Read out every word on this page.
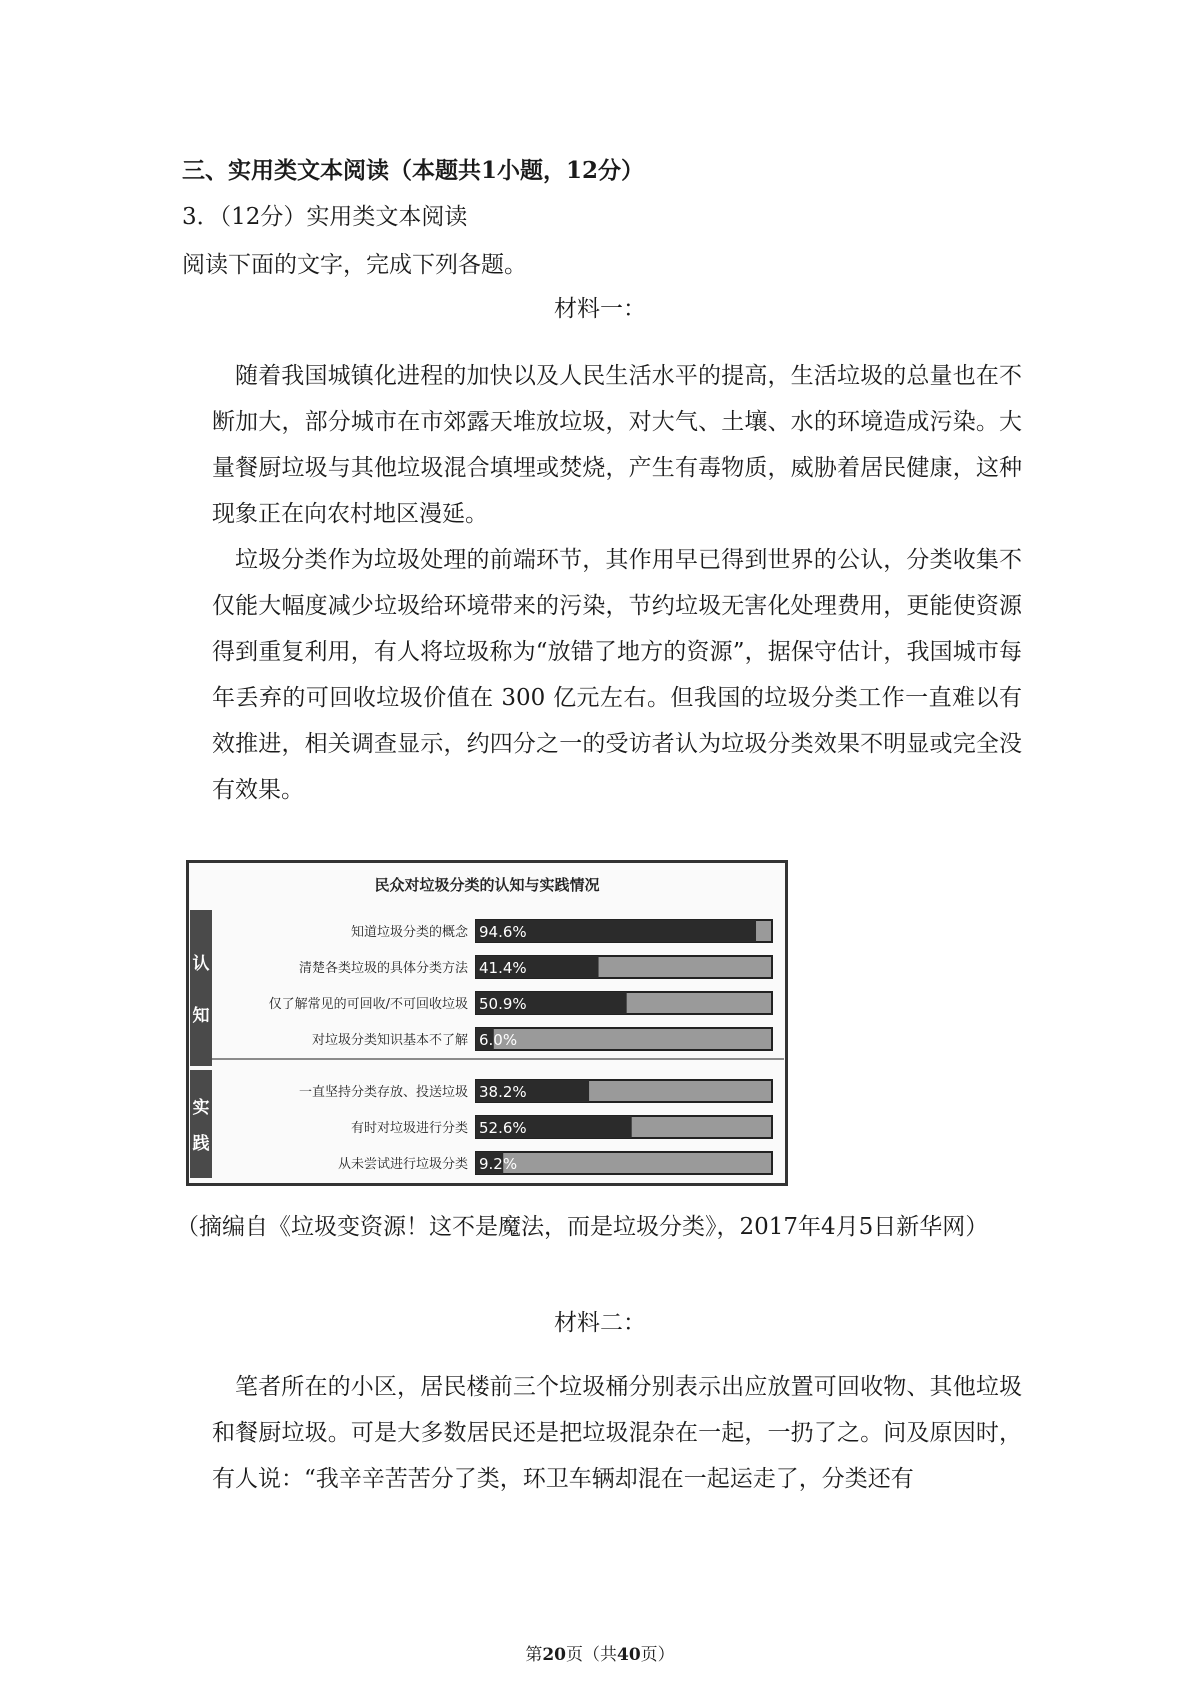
三、实用类文本阅读（本题共1小题，12分）
3．（12分）实用类文本阅读
阅读下面的文字，完成下列各题。
材料一：

随着我国城镇化进程的加快以及人民生活水平的提高，生活垃圾的总量也在不断加大，部分城市在市郊露天堆放垃圾，对大气、土壤、水的环境造成污染。大量餐厨垃圾与其他垃圾混合填埋或焚烧，产生有毒物质，威胁着居民健康，这种现象正在向农村地区漫延。

垃圾分类作为垃圾处理的前端环节，其作用早已得到世界的公认，分类收集不仅能大幅度减少垃圾给环境带来的污染，节约垃圾无害化处理费用，更能使资源得到重复利用，有人将垃圾称为“放错了地方的资源”，据保守估计，我国城市每年丢弃的可回收垃圾价值在 300 亿元左右。但我国的垃圾分类工作一直难以有效推进，相关调查显示，约四分之一的受访者认为垃圾分类效果不明显或完全没有效果。

民众对垃圾分类的认知与实践情况
认
知
知道垃圾分类的概念 94.6%
清楚各类垃圾的具体分类方法 41.4%
仅了解常见的可回收/不可回收垃圾 50.9%
对垃圾分类知识基本不了解 6.0%
实
践
一直坚持分类存放、投送垃圾 38.2%
有时对垃圾进行分类 52.6%
从未尝试进行垃圾分类 9.2%
（摘编自《垃圾变资源！这不是魔法，而是垃圾分类》，2017年4月5日新华网）
材料二：

笔者所在的小区，居民楼前三个垃圾桶分别表示出应放置可回收物、其他垃圾和餐厨垃圾。可是大多数居民还是把垃圾混杂在一起，一扔了之。问及原因时，有人说：“我辛辛苦苦分了类，环卫车辆却混在一起运走了，分类还有

第20页（共40页）
